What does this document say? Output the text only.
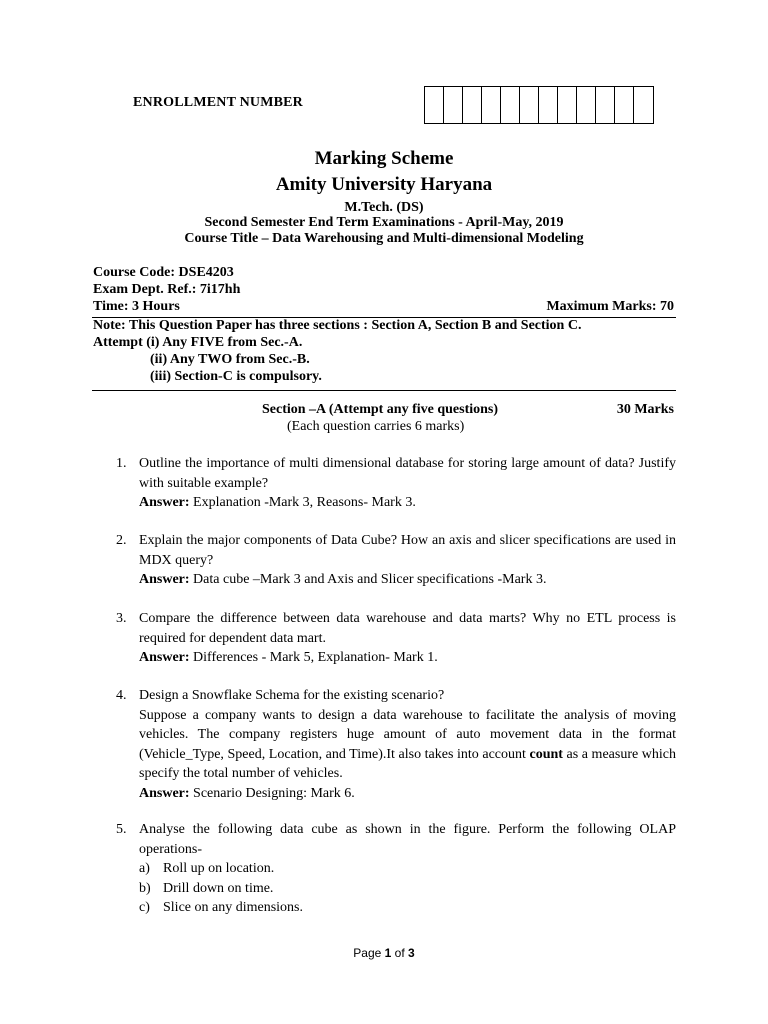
ENROLLMENT NUMBER
Marking Scheme
Amity University Haryana
M.Tech. (DS)
Second Semester End Term Examinations - April-May, 2019
Course Title – Data Warehousing and Multi-dimensional Modeling
Course Code: DSE4203
Exam Dept. Ref.: 7i17hh
Time: 3 Hours	Maximum Marks: 70
Note: This Question Paper has three sections : Section A, Section B and Section C.
Attempt (i) Any FIVE from Sec.-A.
(ii) Any TWO from Sec.-B.
(iii) Section-C is compulsory.
Section –A (Attempt any five questions)	30 Marks
(Each question carries 6 marks)
1. Outline the importance of multi dimensional database for storing large amount of data? Justify with suitable example?
Answer: Explanation -Mark 3, Reasons- Mark 3.
2. Explain the major components of Data Cube? How an axis and slicer specifications are used in MDX query?
Answer: Data cube –Mark 3 and Axis and Slicer specifications -Mark 3.
3. Compare the difference between data warehouse and data marts? Why no ETL process is required for dependent data mart.
Answer: Differences - Mark 5, Explanation- Mark 1.
4. Design a Snowflake Schema for the existing scenario?
Suppose a company wants to design a data warehouse to facilitate the analysis of moving vehicles. The company registers huge amount of auto movement data in the format (Vehicle_Type, Speed, Location, and Time).It also takes into account count as a measure which specify the total number of vehicles.
Answer: Scenario Designing: Mark 6.
5. Analyse the following data cube as shown in the figure. Perform the following OLAP operations-
a) Roll up on location.
b) Drill down on time.
c) Slice on any dimensions.
Page 1 of 3
